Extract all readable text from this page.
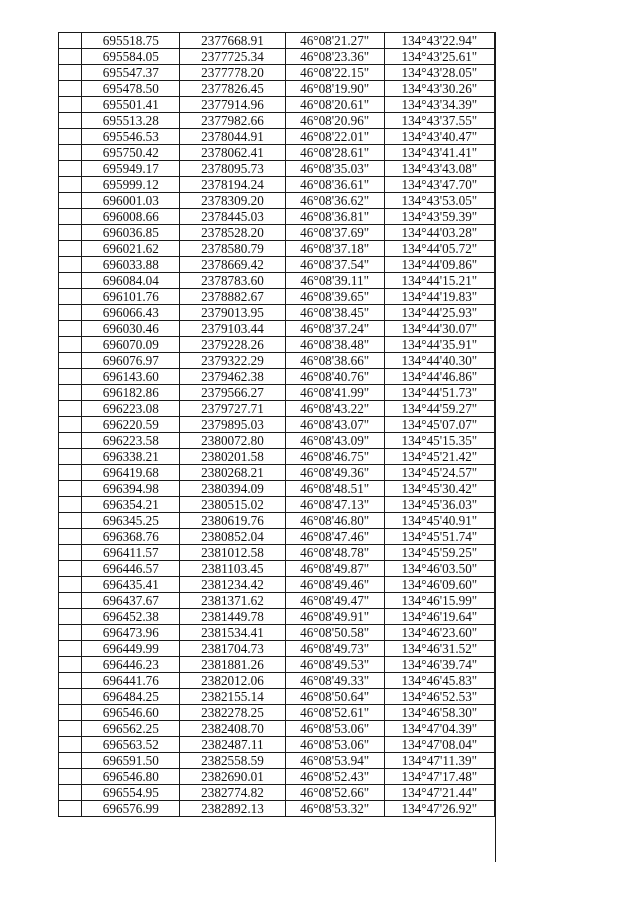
	695518.75	2377668.91	46°08'21.27"	134°43'22.94"
	695584.05	2377725.34	46°08'23.36"	134°43'25.61"
	695547.37	2377778.20	46°08'22.15"	134°43'28.05"
	695478.50	2377826.45	46°08'19.90"	134°43'30.26"
	695501.41	2377914.96	46°08'20.61"	134°43'34.39"
	695513.28	2377982.66	46°08'20.96"	134°43'37.55"
	695546.53	2378044.91	46°08'22.01"	134°43'40.47"
	695750.42	2378062.41	46°08'28.61"	134°43'41.41"
	695949.17	2378095.73	46°08'35.03"	134°43'43.08"
	695999.12	2378194.24	46°08'36.61"	134°43'47.70"
	696001.03	2378309.20	46°08'36.62"	134°43'53.05"
	696008.66	2378445.03	46°08'36.81"	134°43'59.39"
	696036.85	2378528.20	46°08'37.69"	134°44'03.28"
	696021.62	2378580.79	46°08'37.18"	134°44'05.72"
	696033.88	2378669.42	46°08'37.54"	134°44'09.86"
	696084.04	2378783.60	46°08'39.11"	134°44'15.21"
	696101.76	2378882.67	46°08'39.65"	134°44'19.83"
	696066.43	2379013.95	46°08'38.45"	134°44'25.93"
	696030.46	2379103.44	46°08'37.24"	134°44'30.07"
	696070.09	2379228.26	46°08'38.48"	134°44'35.91"
	696076.97	2379322.29	46°08'38.66"	134°44'40.30"
	696143.60	2379462.38	46°08'40.76"	134°44'46.86"
	696182.86	2379566.27	46°08'41.99"	134°44'51.73"
	696223.08	2379727.71	46°08'43.22"	134°44'59.27"
	696220.59	2379895.03	46°08'43.07"	134°45'07.07"
	696223.58	2380072.80	46°08'43.09"	134°45'15.35"
	696338.21	2380201.58	46°08'46.75"	134°45'21.42"
	696419.68	2380268.21	46°08'49.36"	134°45'24.57"
	696394.98	2380394.09	46°08'48.51"	134°45'30.42"
	696354.21	2380515.02	46°08'47.13"	134°45'36.03"
	696345.25	2380619.76	46°08'46.80"	134°45'40.91"
	696368.76	2380852.04	46°08'47.46"	134°45'51.74"
	696411.57	2381012.58	46°08'48.78"	134°45'59.25"
	696446.57	2381103.45	46°08'49.87"	134°46'03.50"
	696435.41	2381234.42	46°08'49.46"	134°46'09.60"
	696437.67	2381371.62	46°08'49.47"	134°46'15.99"
	696452.38	2381449.78	46°08'49.91"	134°46'19.64"
	696473.96	2381534.41	46°08'50.58"	134°46'23.60"
	696449.99	2381704.73	46°08'49.73"	134°46'31.52"
	696446.23	2381881.26	46°08'49.53"	134°46'39.74"
	696441.76	2382012.06	46°08'49.33"	134°46'45.83"
	696484.25	2382155.14	46°08'50.64"	134°46'52.53"
	696546.60	2382278.25	46°08'52.61"	134°46'58.30"
	696562.25	2382408.70	46°08'53.06"	134°47'04.39"
	696563.52	2382487.11	46°08'53.06"	134°47'08.04"
	696591.50	2382558.59	46°08'53.94"	134°47'11.39"
	696546.80	2382690.01	46°08'52.43"	134°47'17.48"
	696554.95	2382774.82	46°08'52.66"	134°47'21.44"
	696576.99	2382892.13	46°08'53.32"	134°47'26.92"
